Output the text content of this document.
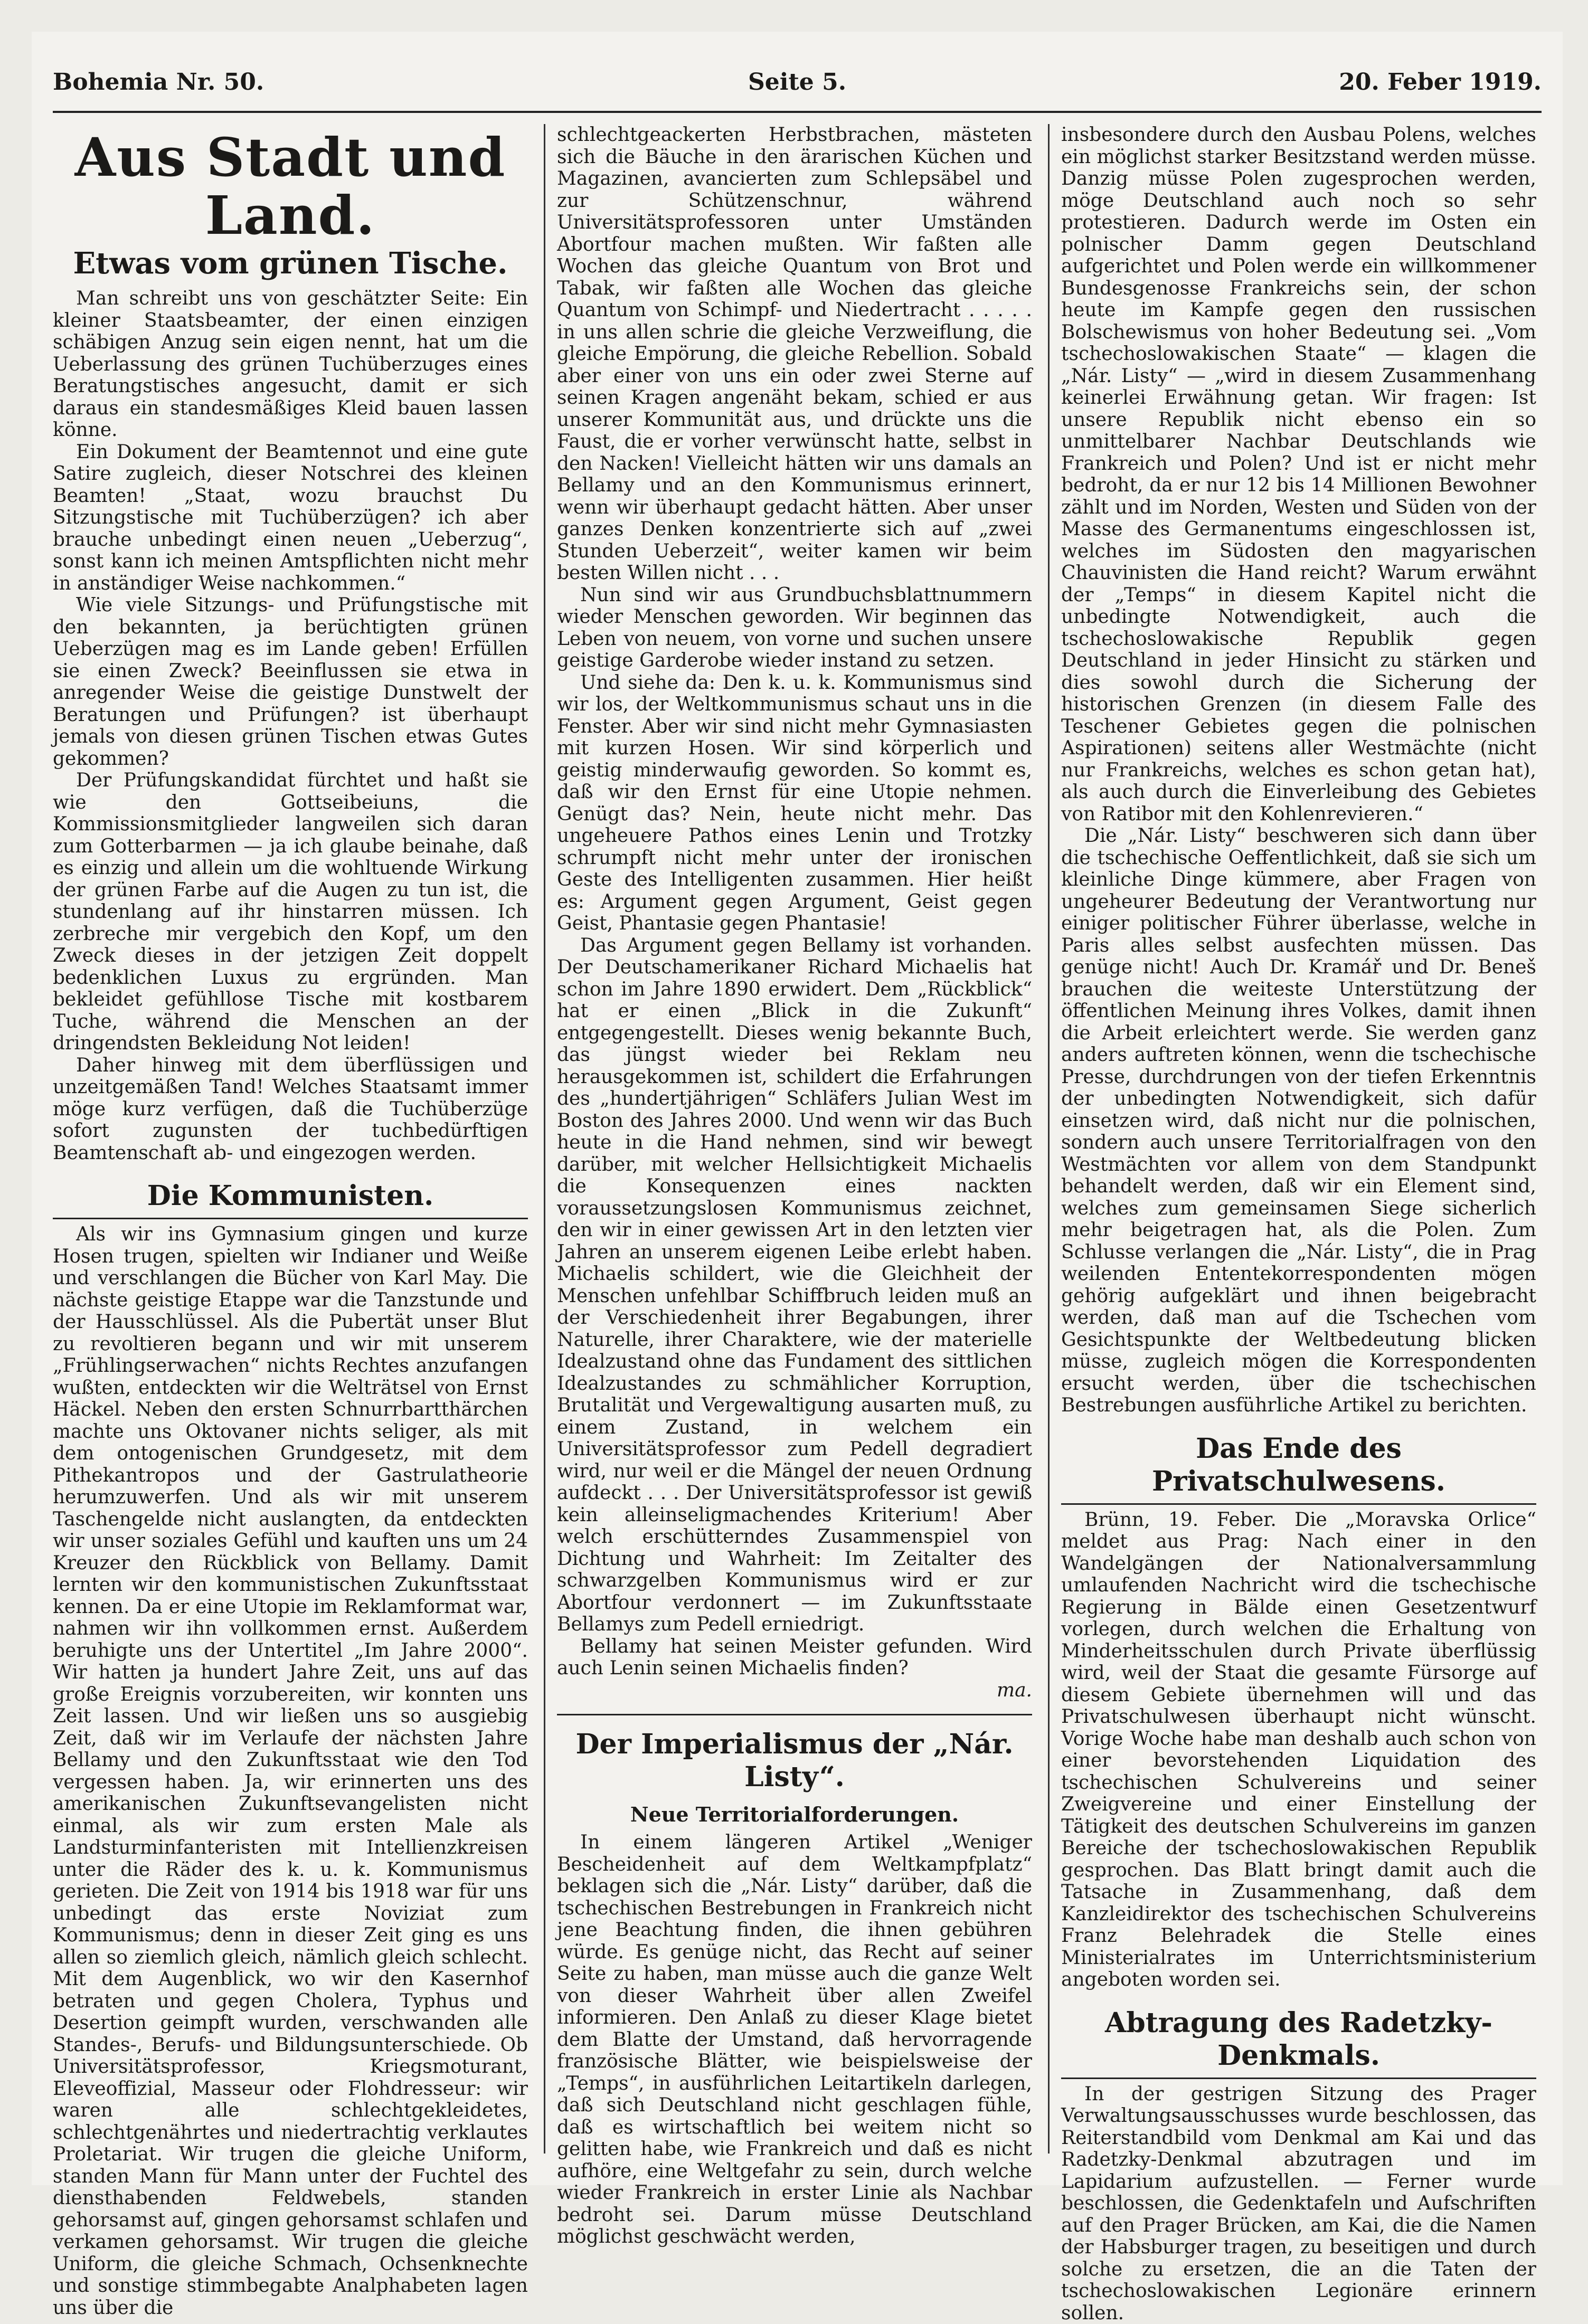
Bohemia Nr. 50.	Seite 5.	20. Feber 1919.
Aus Stadt und Land.
Etwas vom grünen Tische.

Man schreibt uns von geschätzter Seite: Ein kleiner Staatsbeamter, der einen einzigen schäbigen Anzug sein eigen nennt, hat um die Ueberlassung des grünen Tuchüberzuges eines Beratungstisches angesucht, damit er sich daraus ein standesmäßiges Kleid bauen lassen könne.

Ein Dokument der Beamtennot und eine gute Satire zugleich, dieser Notschrei des kleinen Beamten! „Staat, wozu brauchst Du Sitzungstische mit Tuchüberzügen? ich aber brauche unbedingt einen neuen „Ueberzug“, sonst kann ich meinen Amtspflichten nicht mehr in anständiger Weise nachkommen.“

Wie viele Sitzungs- und Prüfungstische mit den bekannten, ja berüchtigten grünen Ueberzügen mag es im Lande geben! Erfüllen sie einen Zweck? Beeinflussen sie etwa in anregender Weise die geistige Dunstwelt der Beratungen und Prüfungen? ist überhaupt jemals von diesen grünen Tischen etwas Gutes gekommen?

Der Prüfungskandidat fürchtet und haßt sie wie den Gottseibeiuns, die Kommissionsmitglieder langweilen sich daran zum Gotterbarmen — ja ich glaube beinahe, daß es einzig und allein um die wohltuende Wirkung der grünen Farbe auf die Augen zu tun ist, die stundenlang auf ihr hinstarren müssen. Ich zerbreche mir vergebich den Kopf, um den Zweck dieses in der jetzigen Zeit doppelt bedenklichen Luxus zu ergründen. Man bekleidet gefühllose Tische mit kostbarem Tuche, während die Menschen an der dringendsten Bekleidung Not leiden!

Daher hinweg mit dem überflüssigen und unzeitgemäßen Tand! Welches Staatsamt immer möge kurz verfügen, daß die Tuchüberzüge sofort zugunsten der tuchbedürftigen Beamtenschaft ab- und eingezogen werden.

Die Kommunisten.

Als wir ins Gymnasium gingen und kurze Hosen trugen, spielten wir Indianer und Weiße und verschlangen die Bücher von Karl May. Die nächste geistige Etappe war die Tanzstunde und der Hausschlüssel. Als die Pubertät unser Blut zu revoltieren begann und wir mit unserem „Frühlingserwachen“ nichts Rechtes anzufangen wußten, entdeckten wir die Welträtsel von Ernst Häckel. Neben den ersten Schnurrbartthärchen machte uns Oktovaner nichts seliger, als mit dem ontogenischen Grundgesetz, mit dem Pithekantropos und der Gastrulatheorie herumzuwerfen. Und als wir mit unserem Taschengelde nicht auslangten, da entdeckten wir unser soziales Gefühl und kauften uns um 24 Kreuzer den Rückblick von Bellamy. Damit lernten wir den kommunistischen Zukunftsstaat kennen. Da er eine Utopie im Reklamformat war, nahmen wir ihn vollkommen ernst. Außerdem beruhigte uns der Untertitel „Im Jahre 2000“. Wir hatten ja hundert Jahre Zeit, uns auf das große Ereignis vorzubereiten, wir konnten uns Zeit lassen. Und wir ließen uns so ausgiebig Zeit, daß wir im Verlaufe der nächsten Jahre Bellamy und den Zukunftsstaat wie den Tod vergessen haben. Ja, wir erinnerten uns des amerikanischen Zukunftsevangelisten nicht einmal, als wir zum ersten Male als Landsturminfanteristen mit Intellienzkreisen unter die Räder des k. u. k. Kommunismus gerieten. Die Zeit von 1914 bis 1918 war für uns unbedingt das erste Noviziat zum Kommunismus; denn in dieser Zeit ging es uns allen so ziemlich gleich, nämlich gleich schlecht. Mit dem Augenblick, wo wir den Kasernhof betraten und gegen Cholera, Typhus und Desertion geimpft wurden, verschwanden alle Standes-, Berufs- und Bildungsunterschiede. Ob Universitätsprofessor, Kriegsmoturant, Eleveoffizial, Masseur oder Flohdresseur: wir waren alle schlechtgekleidetes, schlechtgenährtes und niedertrachtig verklautes Proletariat. Wir trugen die gleiche Uniform, standen Mann für Mann unter der Fuchtel des diensthabenden Feldwebels, standen gehorsamst auf, gingen gehorsamst schlafen und verkamen gehorsamst. Wir trugen die gleiche Uniform, die gleiche Schmach, Ochsenknechte und sonstige stimmbegabte Analphabeten lagen uns über die

schlechtgeackerten Herbstbrachen, mästeten sich die Bäuche in den ärarischen Küchen und Magazinen, avancierten zum Schlepsäbel und zur Schützenschnur, während Universitätsprofessoren unter Umständen Abortfour machen mußten. Wir faßten alle Wochen das gleiche Quantum von Brot und Tabak, wir faßten alle Wochen das gleiche Quantum von Schimpf- und Niedertracht . . . . . in uns allen schrie die gleiche Verzweiflung, die gleiche Empörung, die gleiche Rebellion. Sobald aber einer von uns ein oder zwei Sterne auf seinen Kragen angenäht bekam, schied er aus unserer Kommunität aus, und drückte uns die Faust, die er vorher verwünscht hatte, selbst in den Nacken! Vielleicht hätten wir uns damals an Bellamy und an den Kommunismus erinnert, wenn wir überhaupt gedacht hätten. Aber unser ganzes Denken konzentrierte sich auf „zwei Stunden Ueberzeit“, weiter kamen wir beim besten Willen nicht . . .

Nun sind wir aus Grundbuchsblattnummern wieder Menschen geworden. Wir beginnen das Leben von neuem, von vorne und suchen unsere geistige Garderobe wieder instand zu setzen.

Und siehe da: Den k. u. k. Kommunismus sind wir los, der Weltkommunismus schaut uns in die Fenster. Aber wir sind nicht mehr Gymnasiasten mit kurzen Hosen. Wir sind körperlich und geistig minderwaufig geworden. So kommt es, daß wir den Ernst für eine Utopie nehmen. Genügt das? Nein, heute nicht mehr. Das ungeheuere Pathos eines Lenin und Trotzky schrumpft nicht mehr unter der ironischen Geste des Intelligenten zusammen. Hier heißt es: Argument gegen Argument, Geist gegen Geist, Phantasie gegen Phantasie!

Das Argument gegen Bellamy ist vorhanden. Der Deutschamerikaner Richard Michaelis hat schon im Jahre 1890 erwidert. Dem „Rückblick“ hat er einen „Blick in die Zukunft“ entgegengestellt. Dieses wenig bekannte Buch, das jüngst wieder bei Reklam neu herausgekommen ist, schildert die Erfahrungen des „hundertjährigen“ Schläfers Julian West im Boston des Jahres 2000. Und wenn wir das Buch heute in die Hand nehmen, sind wir bewegt darüber, mit welcher Hellsichtigkeit Michaelis die Konsequenzen eines nackten voraussetzungslosen Kommunismus zeichnet, den wir in einer gewissen Art in den letzten vier Jahren an unserem eigenen Leibe erlebt haben. Michaelis schildert, wie die Gleichheit der Menschen unfehlbar Schiffbruch leiden muß an der Verschiedenheit ihrer Begabungen, ihrer Naturelle, ihrer Charaktere, wie der materielle Idealzustand ohne das Fundament des sittlichen Idealzustandes zu schmählicher Korruption, Brutalität und Vergewaltigung ausarten muß, zu einem Zustand, in welchem ein Universitätsprofessor zum Pedell degradiert wird, nur weil er die Mängel der neuen Ordnung aufdeckt . . . Der Universitätsprofessor ist gewiß kein alleinseligmachendes Kriterium! Aber welch erschütterndes Zusammenspiel von Dichtung und Wahrheit: Im Zeitalter des schwarzgelben Kommunismus wird er zur Abortfour verdonnert — im Zukunftsstaate Bellamys zum Pedell erniedrigt.

Bellamy hat seinen Meister gefunden. Wird auch Lenin seinen Michaelis finden?

ma.
Der Imperialismus der „Nár. Listy“.
Neue Territorialforderungen.

In einem längeren Artikel „Weniger Bescheidenheit auf dem Weltkampfplatz“ beklagen sich die „Nár. Listy“ darüber, daß die tschechischen Bestrebungen in Frankreich nicht jene Beachtung finden, die ihnen gebühren würde. Es genüge nicht, das Recht auf seiner Seite zu haben, man müsse auch die ganze Welt von dieser Wahrheit über allen Zweifel informieren. Den Anlaß zu dieser Klage bietet dem Blatte der Umstand, daß hervorragende französische Blätter, wie beispielsweise der „Temps“, in ausführlichen Leitartikeln darlegen, daß sich Deutschland nicht geschlagen fühle, daß es wirtschaftlich bei weitem nicht so gelitten habe, wie Frankreich und daß es nicht aufhöre, eine Weltgefahr zu sein, durch welche wieder Frankreich in erster Linie als Nachbar bedroht sei. Darum müsse Deutschland möglichst geschwächt werden,

insbesondere durch den Ausbau Polens, welches ein möglichst starker Besitzstand werden müsse. Danzig müsse Polen zugesprochen werden, möge Deutschland auch noch so sehr protestieren. Dadurch werde im Osten ein polnischer Damm gegen Deutschland aufgerichtet und Polen werde ein willkommener Bundesgenosse Frankreichs sein, der schon heute im Kampfe gegen den russischen Bolschewismus von hoher Bedeutung sei. „Vom tschechoslowakischen Staate“ — klagen die „Nár. Listy“ — „wird in diesem Zusammenhang keinerlei Erwähnung getan. Wir fragen: Ist unsere Republik nicht ebenso ein so unmittelbarer Nachbar Deutschlands wie Frankreich und Polen? Und ist er nicht mehr bedroht, da er nur 12 bis 14 Millionen Bewohner zählt und im Norden, Westen und Süden von der Masse des Germanentums eingeschlossen ist, welches im Südosten den magyarischen Chauvinisten die Hand reicht? Warum erwähnt der „Temps“ in diesem Kapitel nicht die unbedingte Notwendigkeit, auch die tschechoslowakische Republik gegen Deutschland in jeder Hinsicht zu stärken und dies sowohl durch die Sicherung der historischen Grenzen (in diesem Falle des Teschener Gebietes gegen die polnischen Aspirationen) seitens aller Westmächte (nicht nur Frankreichs, welches es schon getan hat), als auch durch die Einverleibung des Gebietes von Ratibor mit den Kohlenrevieren.“

Die „Nár. Listy“ beschweren sich dann über die tschechische Oeffentlichkeit, daß sie sich um kleinliche Dinge kümmere, aber Fragen von ungeheurer Bedeutung der Verantwortung nur einiger politischer Führer überlasse, welche in Paris alles selbst ausfechten müssen. Das genüge nicht! Auch Dr. Kramář und Dr. Beneš brauchen die weiteste Unterstützung der öffentlichen Meinung ihres Volkes, damit ihnen die Arbeit erleichtert werde. Sie werden ganz anders auftreten können, wenn die tschechische Presse, durchdrungen von der tiefen Erkenntnis der unbedingten Notwendigkeit, sich dafür einsetzen wird, daß nicht nur die polnischen, sondern auch unsere Territorialfragen von den Westmächten vor allem von dem Standpunkt behandelt werden, daß wir ein Element sind, welches zum gemeinsamen Siege sicherlich mehr beigetragen hat, als die Polen. Zum Schlusse verlangen die „Nár. Listy“, die in Prag weilenden Ententekorrespondenten mögen gehörig aufgeklärt und ihnen beigebracht werden, daß man auf die Tschechen vom Gesichtspunkte der Weltbedeutung blicken müsse, zugleich mögen die Korrespondenten ersucht werden, über die tschechischen Bestrebungen ausführliche Artikel zu berichten.

Das Ende des Privatschulwesens.

Brünn, 19. Feber. Die „Moravska Orlice“ meldet aus Prag: Nach einer in den Wandelgängen der Nationalversammlung umlaufenden Nachricht wird die tschechische Regierung in Bälde einen Gesetzentwurf vorlegen, durch welchen die Erhaltung von Minderheitsschulen durch Private überflüssig wird, weil der Staat die gesamte Fürsorge auf diesem Gebiete übernehmen will und das Privatschulwesen überhaupt nicht wünscht. Vorige Woche habe man deshalb auch schon von einer bevorstehenden Liquidation des tschechischen Schulvereins und seiner Zweigvereine und einer Einstellung der Tätigkeit des deutschen Schulvereins im ganzen Bereiche der tschechoslowakischen Republik gesprochen. Das Blatt bringt damit auch die Tatsache in Zusammenhang, daß dem Kanzleidirektor des tschechischen Schulvereins Franz Belehradek die Stelle eines Ministerialrates im Unterrichtsministerium angeboten worden sei.

Abtragung des Radetzky-Denkmals.

In der gestrigen Sitzung des Prager Verwaltungsausschusses wurde beschlossen, das Reiterstandbild vom Denkmal am Kai und das Radetzky-Denkmal abzutragen und im Lapidarium aufzustellen. — Ferner wurde beschlossen, die Gedenktafeln und Aufschriften auf den Prager Brücken, am Kai, die die Namen der Habsburger tragen, zu beseitigen und durch solche zu ersetzen, die an die Taten der tschechoslowakischen Legionäre erinnern sollen.
